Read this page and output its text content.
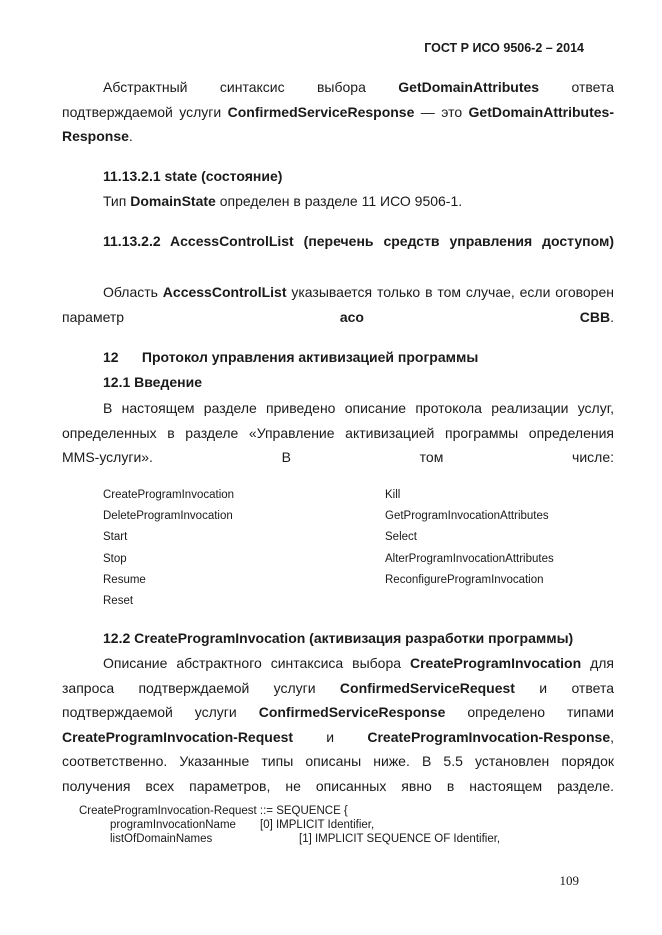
ГОСТ Р ИСО 9506-2 – 2014

Абстрактный синтаксис выбора GetDomainAttributes ответа подтверждаемой услуги ConfirmedServiceResponse — это GetDomainAttributes-Response.

11.13.2.1 state (состояние)

Тип DomainState определен в разделе 11 ИСО 9506-1.

11.13.2.2 AccessControlList (перечень средств управления доступом)

Область AccessControlList указывается только в том случае, если оговорен параметр aco CBB.

12      Протокол управления активизацией программы
12.1 Введение

В настоящем разделе приведено описание протокола реализации услуг, определенных в разделе «Управление активизацией программы определения MMS-услуги». В том числе:

CreateProgramInvocation
DeleteProgramInvocation
Start
Stop
Resume
Reset
Kill
GetProgramInvocationAttributes
Select
AlterProgramInvocationAttributes
ReconfigureProgramInvocation
12.2 CreateProgramInvocation (активизация разработки программы)

Описание абстрактного синтаксиса выбора CreateProgramInvocation для запроса подтверждаемой услуги ConfirmedServiceRequest и ответа подтверждаемой услуги ConfirmedServiceResponse определено типами CreateProgramInvocation-Request и CreateProgramInvocation-Response, соответственно. Указанные типы описаны ниже. В 5.5 установлен порядок получения всех параметров, не описанных явно в настоящем разделе.

CreateProgramInvocation-Request ::= SEQUENCE {
programInvocationName [0] IMPLICIT Identifier,
listOfDomainNames	[1] IMPLICIT SEQUENCE OF Identifier,
109
